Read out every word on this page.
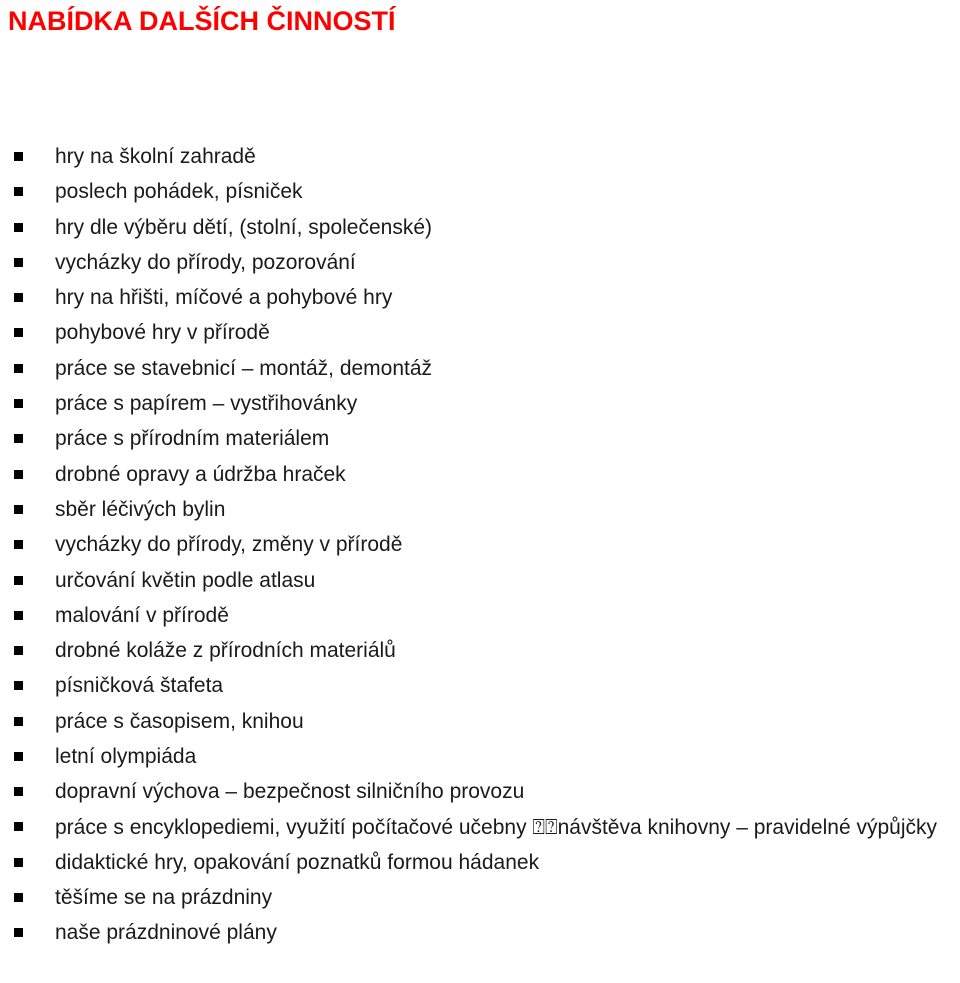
NABÍDKA DALŠÍCH ČINNOSTÍ
hry na školní zahradě
poslech pohádek, písniček
hry dle výběru dětí, (stolní, společenské)
vycházky do přírody, pozorování
hry na hřišti, míčové a pohybové hry
pohybové hry v přírodě
práce se stavebnicí – montáž, demontáž
práce s papírem – vystřihovánky
práce s přírodním materiálem
drobné opravy a údržba hraček
sběr léčivých bylin
vycházky do přírody, změny v přírodě
určování květin podle atlasu
malování v přírodě
drobné koláže z přírodních materiálů
písničková štafeta
práce s časopisem, knihou
letní olympiáda
dopravní výchova – bezpečnost silničního provozu
práce s encyklopediemi, využití počítačové učebny ⍰⍰návštěva knihovny – pravidelné výpůjčky
didaktické hry, opakování poznatků formou hádanek
těšíme se na prázdniny
naše prázdninové plány
